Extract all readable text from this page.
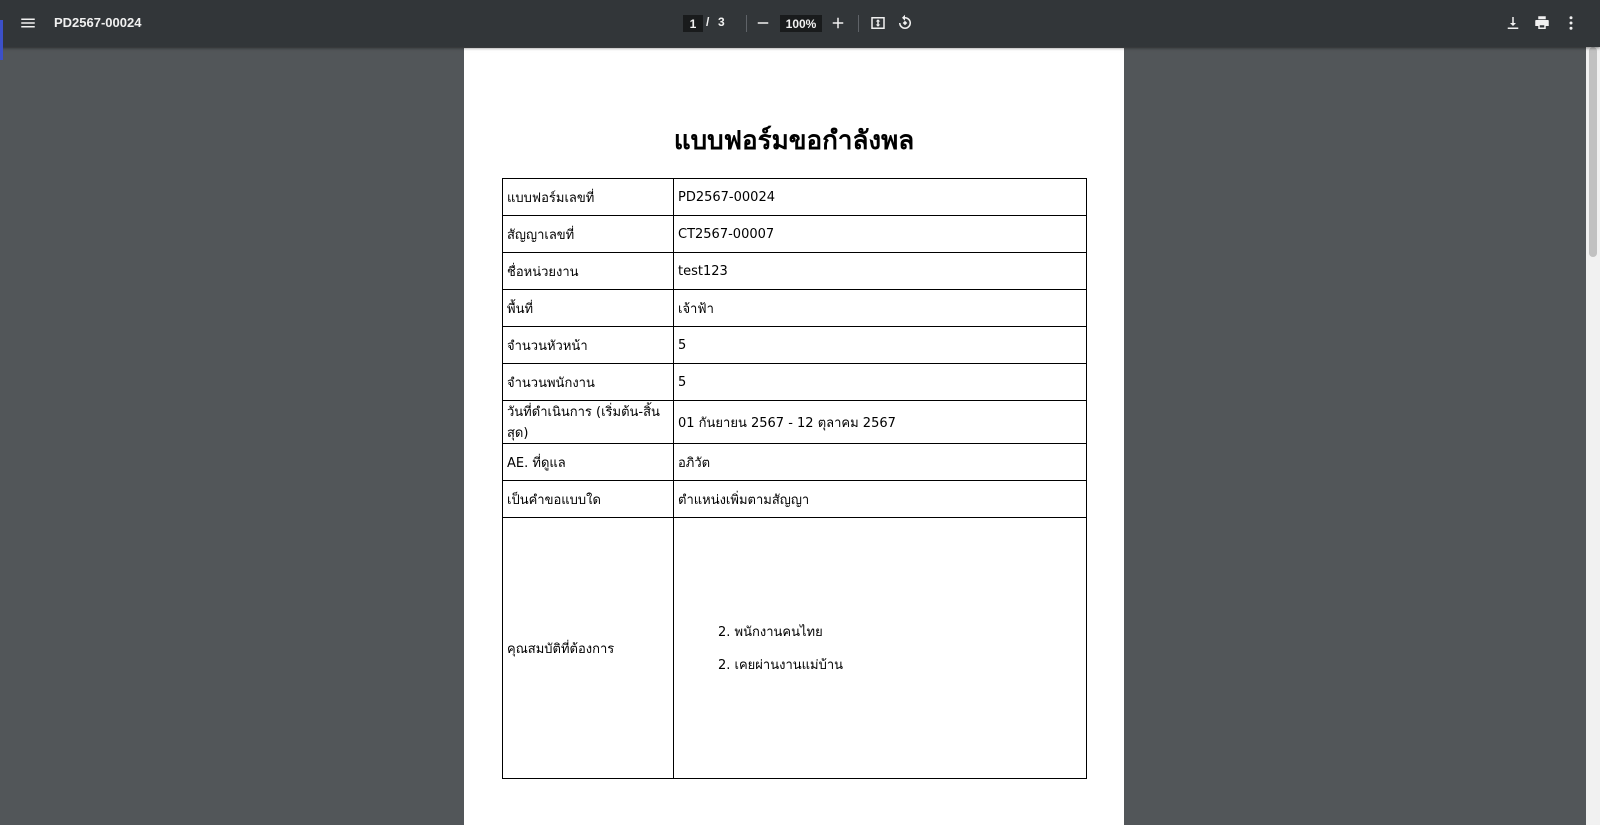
PD2567-00024
1	/ 3
100%
แบบฟอร์มขอกำลังพล
แบบฟอร์มเลขที่	PD2567-00024
สัญญาเลขที่	CT2567-00007
ชื่อหน่วยงาน	test123
พื้นที่	เจ้าฟ้า
จำนวนหัวหน้า	5
จำนวนพนักงาน	5
วันที่ดำเนินการ (เริ่มต้น-สิ้นสุด)	01 กันยายน 2567 - 12 ตุลาคม 2567
AE. ที่ดูแล	อภิวัต
เป็นคำขอแบบใด	ตำแหน่งเพิ่มตามสัญญา
คุณสมบัติที่ต้องการ	2. พนักงานคนไทย
2. เคยผ่านงานแม่บ้าน
